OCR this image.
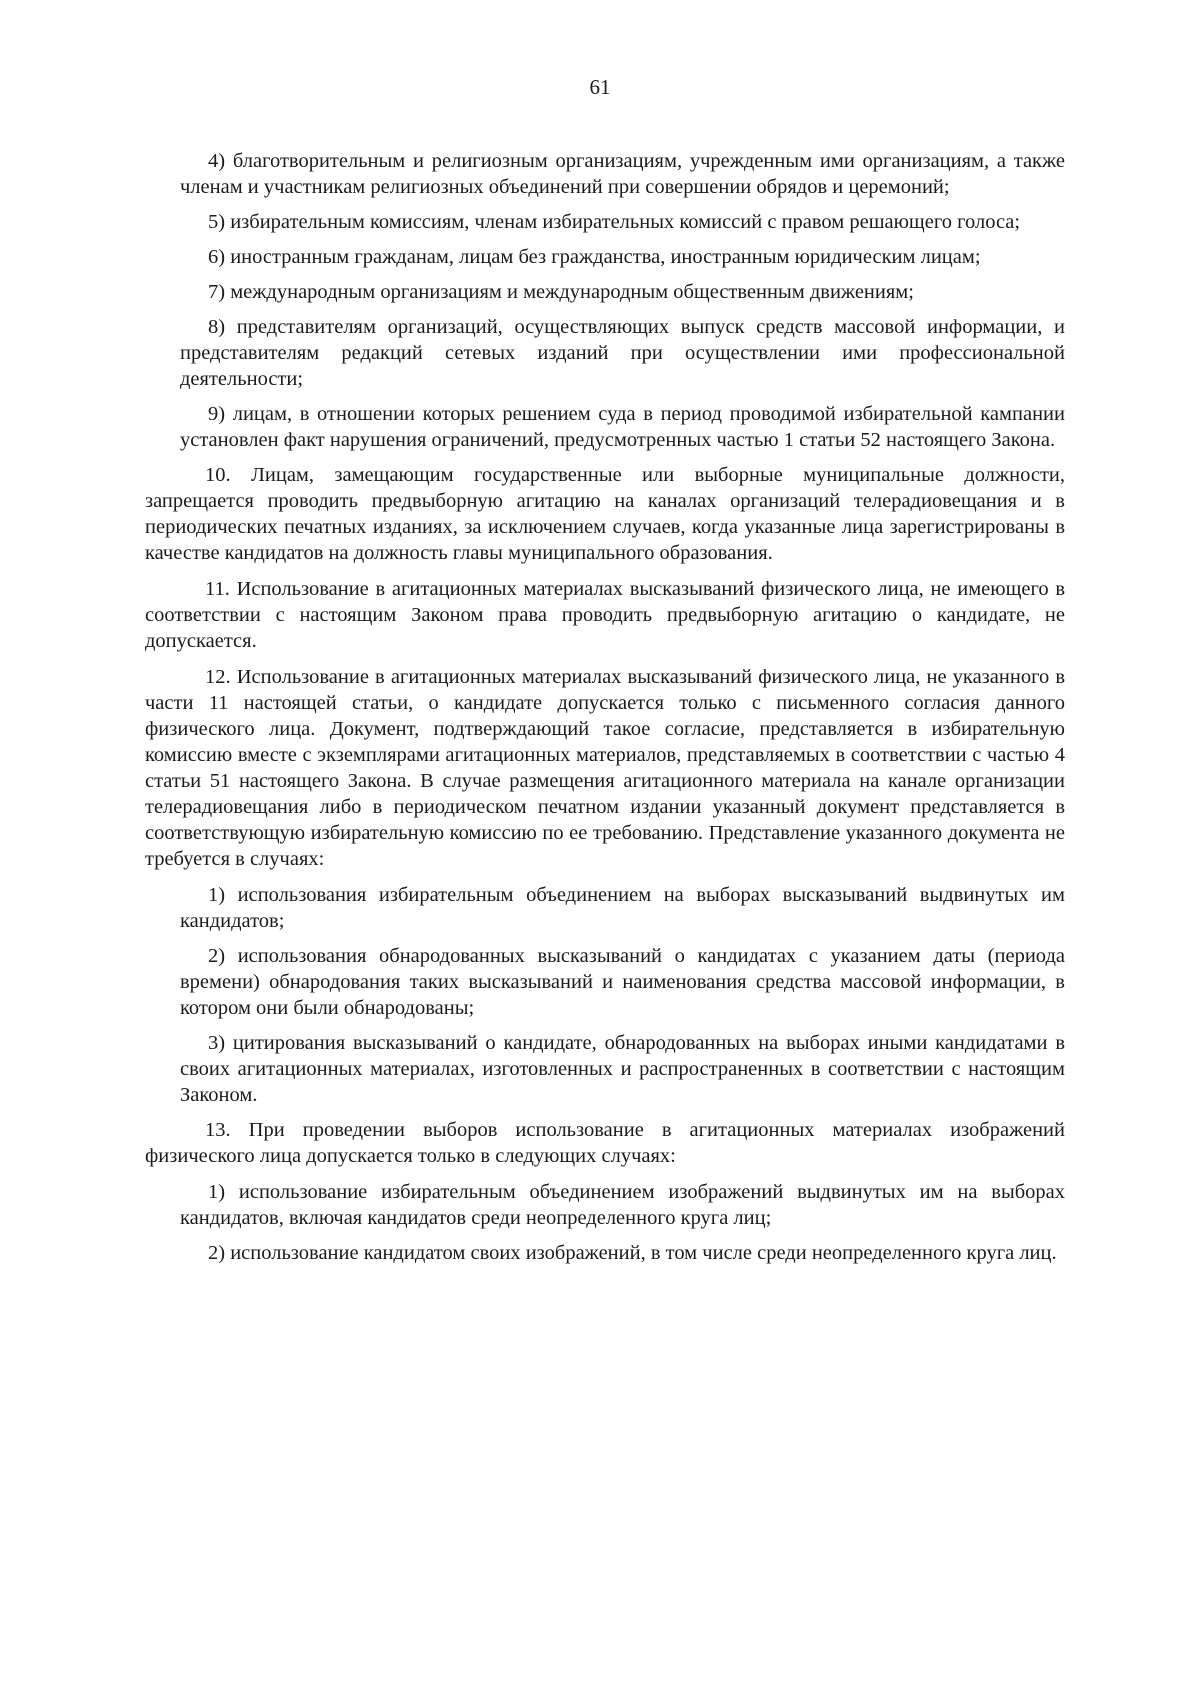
61

4) благотворительным и религиозным организациям, учрежденным ими организациям, а также членам и участникам религиозных объединений при совершении обрядов и церемоний;

5) избирательным комиссиям, членам избирательных комиссий с правом решающего голоса;

6) иностранным гражданам, лицам без гражданства, иностранным юридическим лицам;

7) международным организациям и международным общественным движениям;

8) представителям организаций, осуществляющих выпуск средств массовой информации, и представителям редакций сетевых изданий при осуществлении ими профессиональной деятельности;

9) лицам, в отношении которых решением суда в период проводимой избирательной кампании установлен факт нарушения ограничений, предусмотренных частью 1 статьи 52 настоящего Закона.

10. Лицам, замещающим государственные или выборные муниципальные должности, запрещается проводить предвыборную агитацию на каналах организаций телерадиовещания и в периодических печатных изданиях, за исключением случаев, когда указанные лица зарегистрированы в качестве кандидатов на должность главы муниципального образования.

11. Использование в агитационных материалах высказываний физического лица, не имеющего в соответствии с настоящим Законом права проводить предвыборную агитацию о кандидате, не допускается.

12. Использование в агитационных материалах высказываний физического лица, не указанного в части 11 настоящей статьи, о кандидате допускается только с письменного согласия данного физического лица. Документ, подтверждающий такое согласие, представляется в избирательную комиссию вместе с экземплярами агитационных материалов, представляемых в соответствии с частью 4 статьи 51 настоящего Закона. В случае размещения агитационного материала на канале организации телерадиовещания либо в периодическом печатном издании указанный документ представляется в соответствующую избирательную комиссию по ее требованию. Представление указанного документа не требуется в случаях:

1) использования избирательным объединением на выборах высказываний выдвинутых им кандидатов;

2) использования обнародованных высказываний о кандидатах с указанием даты (периода времени) обнародования таких высказываний и наименования средства массовой информации, в котором они были обнародованы;

3) цитирования высказываний о кандидате, обнародованных на выборах иными кандидатами в своих агитационных материалах, изготовленных и распространенных в соответствии с настоящим Законом.

13. При проведении выборов использование в агитационных материалах изображений физического лица допускается только в следующих случаях:

1) использование избирательным объединением изображений выдвинутых им на выборах кандидатов, включая кандидатов среди неопределенного круга лиц;

2) использование кандидатом своих изображений, в том числе среди неопределенного круга лиц.
